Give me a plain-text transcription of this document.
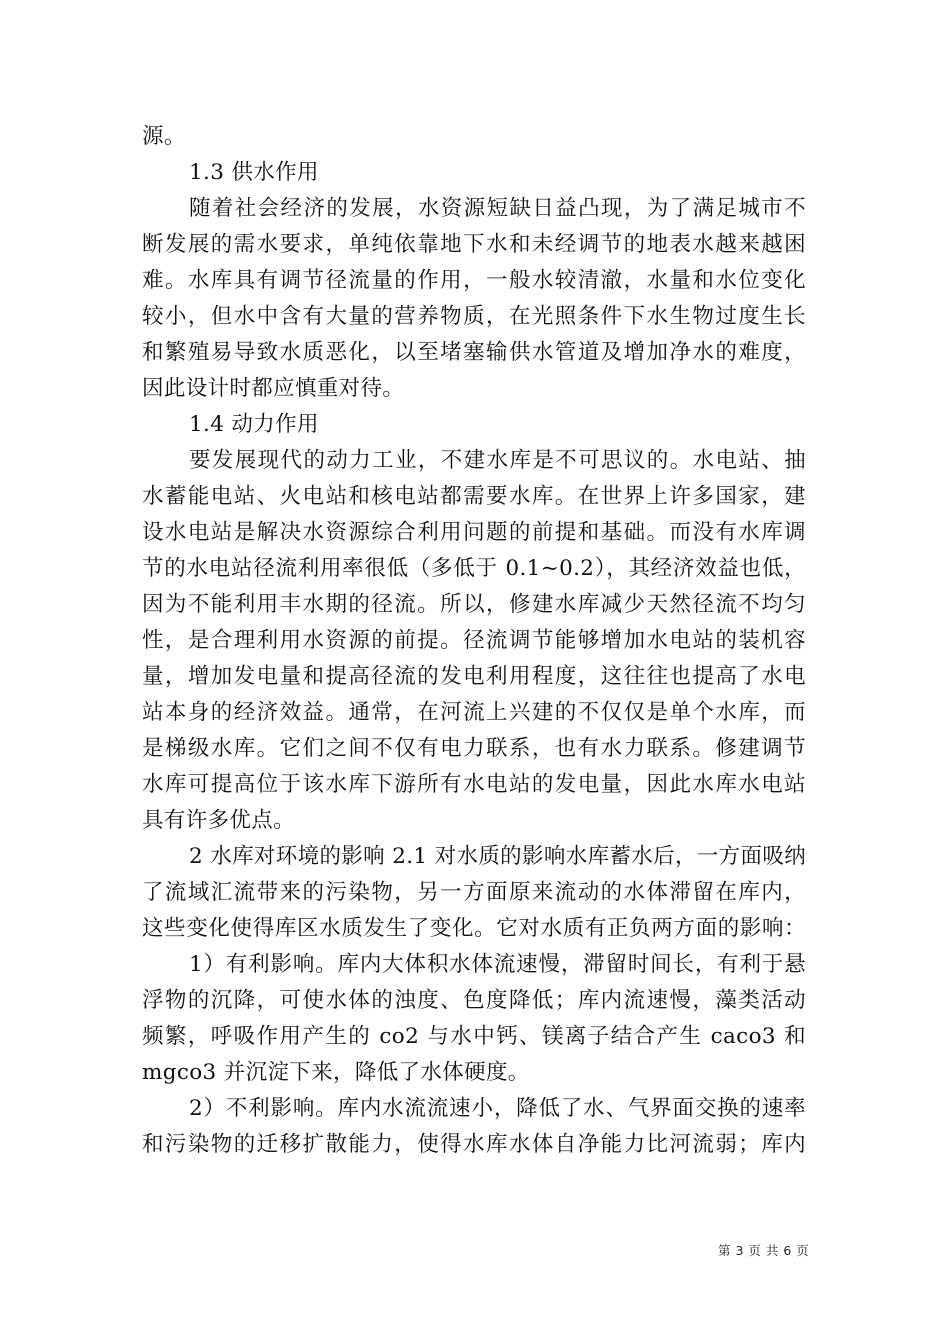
源。
1.3 供水作用
随着社会经济的发展，水资源短缺日益凸现，为了满足城市不
断发展的需水要求，单纯依靠地下水和未经调节的地表水越来越困
难。水库具有调节径流量的作用，一般水较清澈，水量和水位变化
较小，但水中含有大量的营养物质，在光照条件下水生物过度生长
和繁殖易导致水质恶化，以至堵塞输供水管道及增加净水的难度，
因此设计时都应慎重对待。
1.4 动力作用
要发展现代的动力工业，不建水库是不可思议的。水电站、抽
水蓄能电站、火电站和核电站都需要水库。在世界上许多国家，建
设水电站是解决水资源综合利用问题的前提和基础。而没有水库调
节的水电站径流利用率很低（多低于 0.1~0.2），其经济效益也低，
因为不能利用丰水期的径流。所以，修建水库减少天然径流不均匀
性，是合理利用水资源的前提。径流调节能够增加水电站的装机容
量，增加发电量和提高径流的发电利用程度，这往往也提高了水电
站本身的经济效益。通常，在河流上兴建的不仅仅是单个水库，而
是梯级水库。它们之间不仅有电力联系，也有水力联系。修建调节
水库可提高位于该水库下游所有水电站的发电量，因此水库水电站
具有许多优点。
2 水库对环境的影响 2.1 对水质的影响水库蓄水后，一方面吸纳
了流域汇流带来的污染物，另一方面原来流动的水体滞留在库内，
这些变化使得库区水质发生了变化。它对水质有正负两方面的影响：
1）有利影响。库内大体积水体流速慢，滞留时间长，有利于悬
浮物的沉降，可使水体的浊度、色度降低；库内流速慢，藻类活动
频繁，呼吸作用产生的 co2 与水中钙、镁离子结合产生 caco3 和
mgco3 并沉淀下来，降低了水体硬度。
2）不利影响。库内水流流速小，降低了水、气界面交换的速率
和污染物的迁移扩散能力，使得水库水体自净能力比河流弱；库内
第 3 页 共 6 页
